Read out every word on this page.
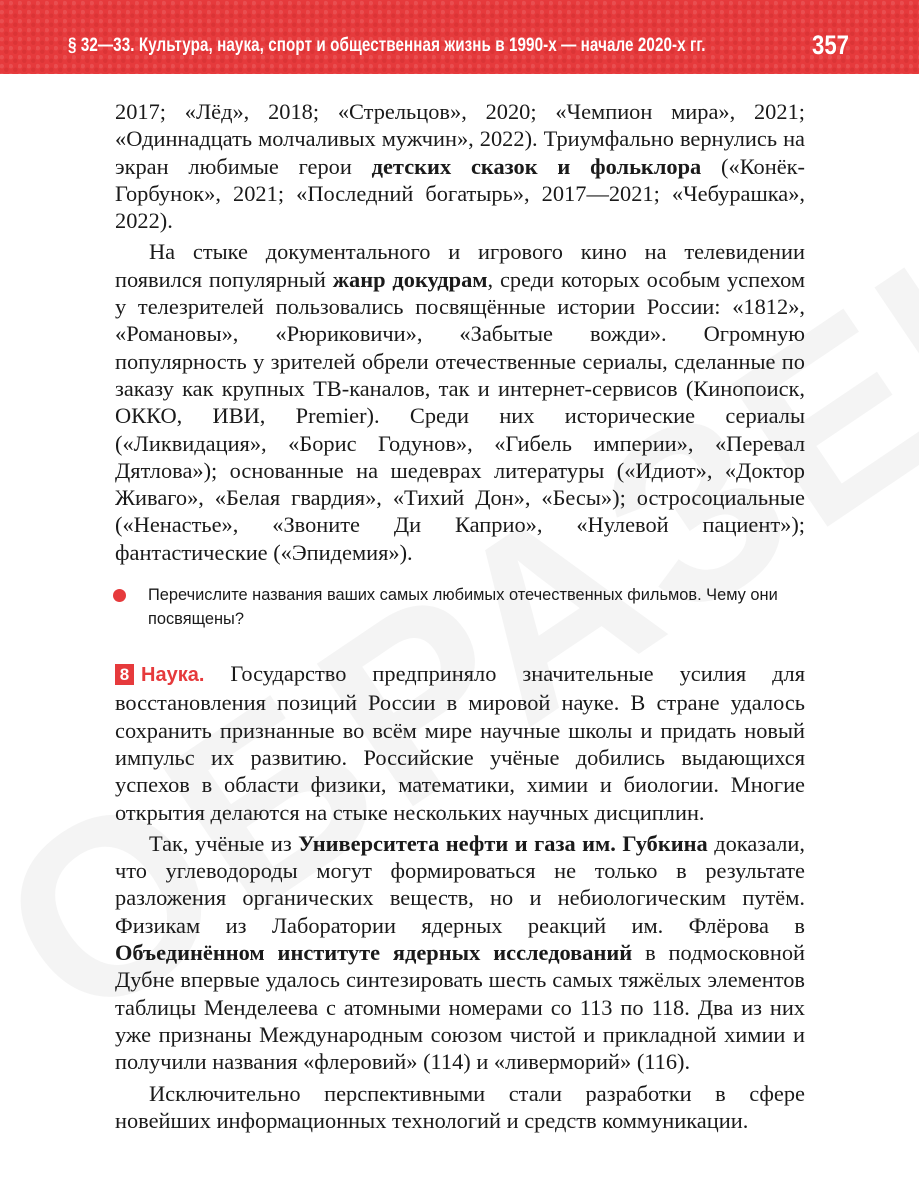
§ 32—33. Культура, наука, спорт и общественная жизнь в 1990-х — начале 2020-х гг.	357

2017; «Лёд», 2018; «Стрельцов», 2020; «Чемпион мира», 2021; «Одиннадцать молчаливых мужчин», 2022). Триумфально вернулись на экран любимые герои детских сказок и фольклора («Конёк-Горбунок», 2021; «Последний богатырь», 2017—2021; «Чебурашка», 2022).

На стыке документального и игрового кино на телевидении появился популярный жанр докудрам, среди которых особым успехом у телезрителей пользовались посвящённые истории России: «1812», «Романовы», «Рюриковичи», «Забытые вожди». Огромную популярность у зрителей обрели отечественные сериалы, сделанные по заказу как крупных ТВ-каналов, так и интернет-сервисов (Кинопоиск, ОККО, ИВИ, Premier). Среди них исторические сериалы («Ликвидация», «Борис Годунов», «Гибель империи», «Перевал Дятлова»); основанные на шедеврах литературы («Идиот», «Доктор Живаго», «Белая гвардия», «Тихий Дон», «Бесы»); остросоциальные («Ненастье», «Звоните Ди Каприо», «Нулевой пациент»); фантастические («Эпидемия»).

Перечислите названия ваших самых любимых отечественных фильмов. Чему они посвящены?

8 Наука. Государство предприняло значительные усилия для восстановления позиций России в мировой науке. В стране удалось сохранить признанные во всём мире научные школы и придать новый импульс их развитию. Российские учёные добились выдающихся успехов в области физики, математики, химии и биологии. Многие открытия делаются на стыке нескольких научных дисциплин.

Так, учёные из Университета нефти и газа им. Губкина доказали, что углеводороды могут формироваться не только в результате разложения органических веществ, но и небиологическим путём. Физикам из Лаборатории ядерных реакций им. Флёрова в Объединённом институте ядерных исследований в подмосковной Дубне впервые удалось синтезировать шесть самых тяжёлых элементов таблицы Менделеева с атомными номерами со 113 по 118. Два из них уже признаны Международным союзом чистой и прикладной химии и получили названия «флеровий» (114) и «ливерморий» (116).

Исключительно перспективными стали разработки в сфере новейших информационных технологий и средств коммуникации.
